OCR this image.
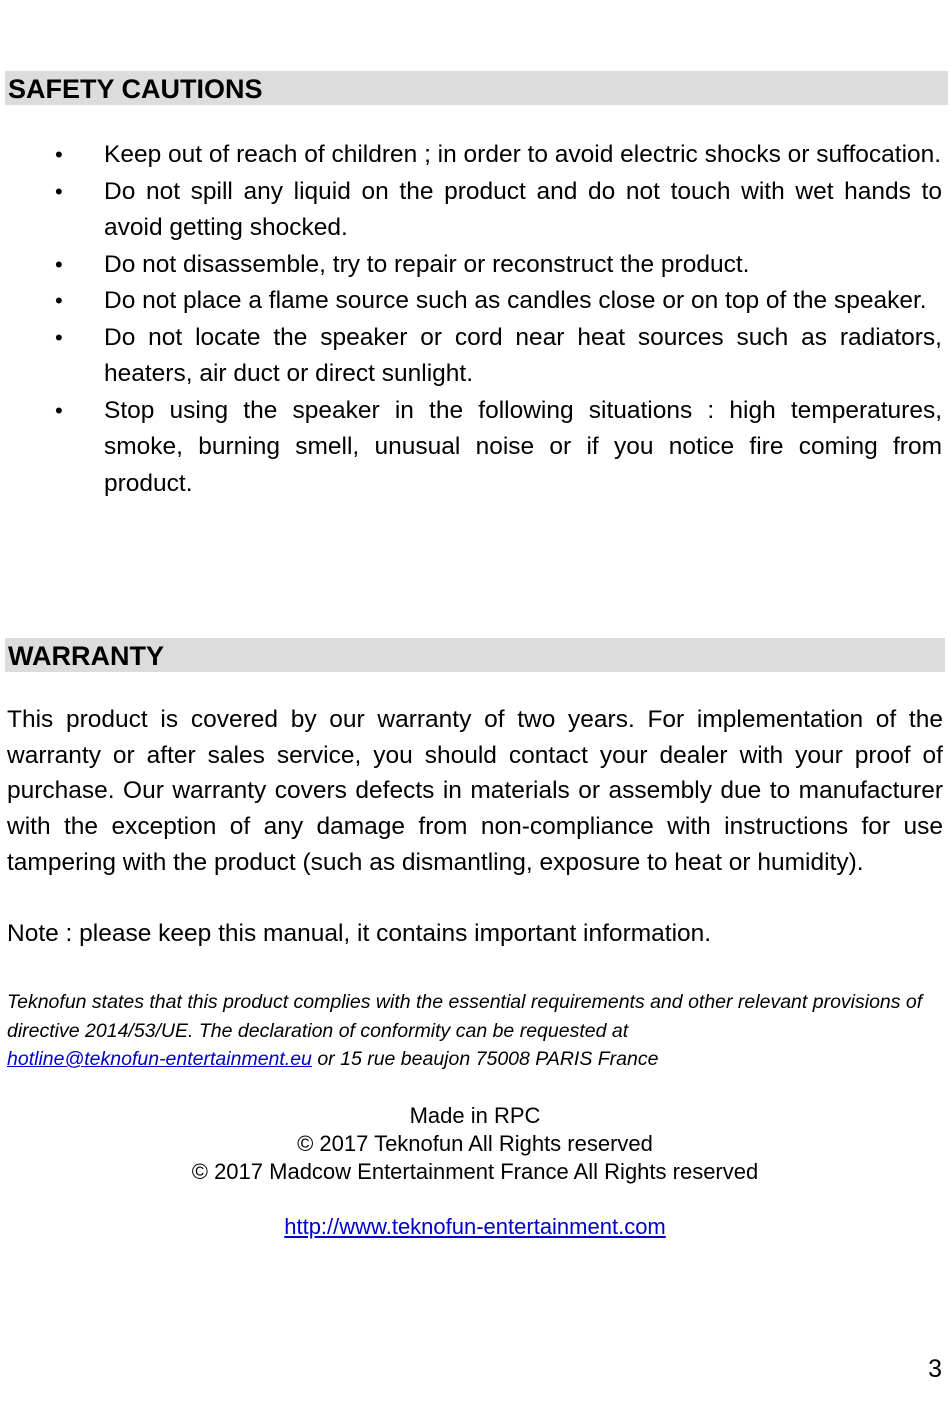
SAFETY CAUTIONS
• Keep out of reach of children ; in order to avoid electric shocks or suffocation.
• Do not spill any liquid on the product and do not touch with wet hands to avoid getting shocked.
• Do not disassemble, try to repair or reconstruct the product.
• Do not place a flame source such as candles close or on top of the speaker.
• Do not locate the speaker or cord near heat sources such as radiators, heaters, air duct or direct sunlight.
• Stop using the speaker in the following situations : high temperatures, smoke, burning smell, unusual noise or if you notice fire coming from product.
WARRANTY

This product is covered by our warranty of two years. For implementation of the warranty or after sales service, you should contact your dealer with your proof of purchase. Our warranty covers defects in materials or assembly due to manufacturer with the exception of any damage from non-compliance with instructions for use tampering with the product (such as dismantling, exposure to heat or humidity).

Note : please keep this manual, it contains important information.

Teknofun states that this product complies with the essential requirements and other relevant provisions of directive 2014/53/UE. The declaration of conformity can be requested at
hotline@teknofun-entertainment.eu or 15 rue beaujon 75008 PARIS France

Made in RPC

© 2017 Teknofun All Rights reserved

© 2017 Madcow Entertainment France All Rights reserved

http://www.teknofun-entertainment.com

3
